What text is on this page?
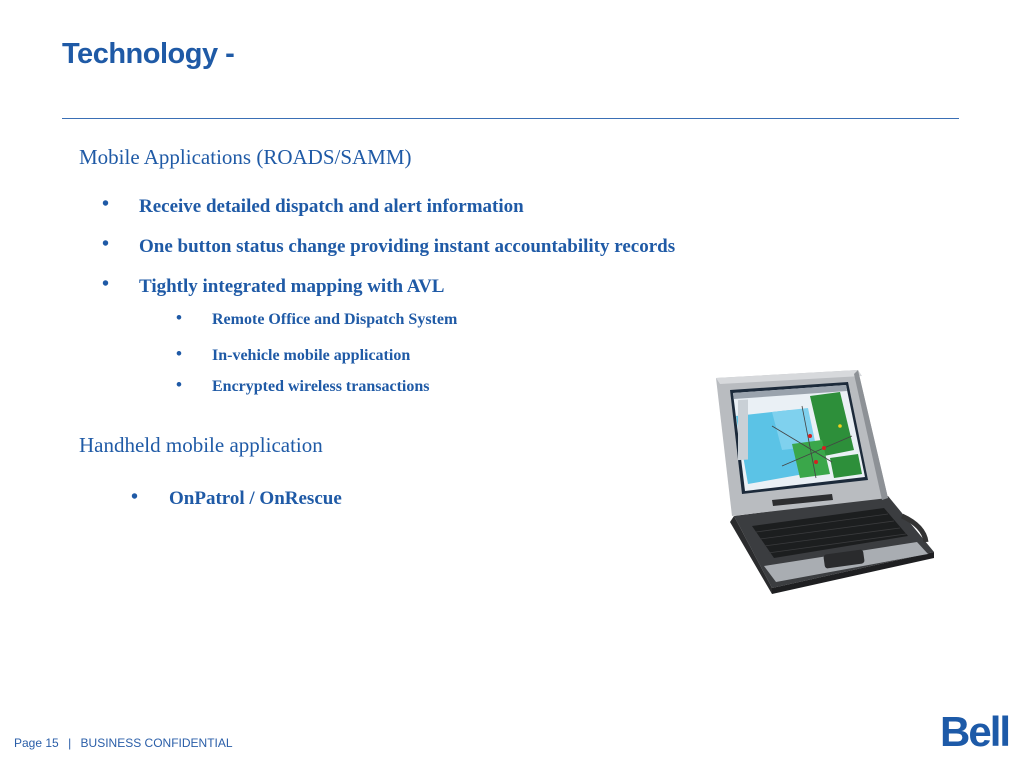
Technology -
Mobile Applications (ROADS/SAMM)
• Receive detailed dispatch and alert information
• One button status change providing instant accountability records
• Tightly integrated mapping with AVL
• Remote Office and Dispatch System
• In-vehicle mobile application
• Encrypted wireless transactions
Handheld mobile application
• OnPatrol / OnRescue
Page 15 | BUSINESS CONFIDENTIAL	Bell
